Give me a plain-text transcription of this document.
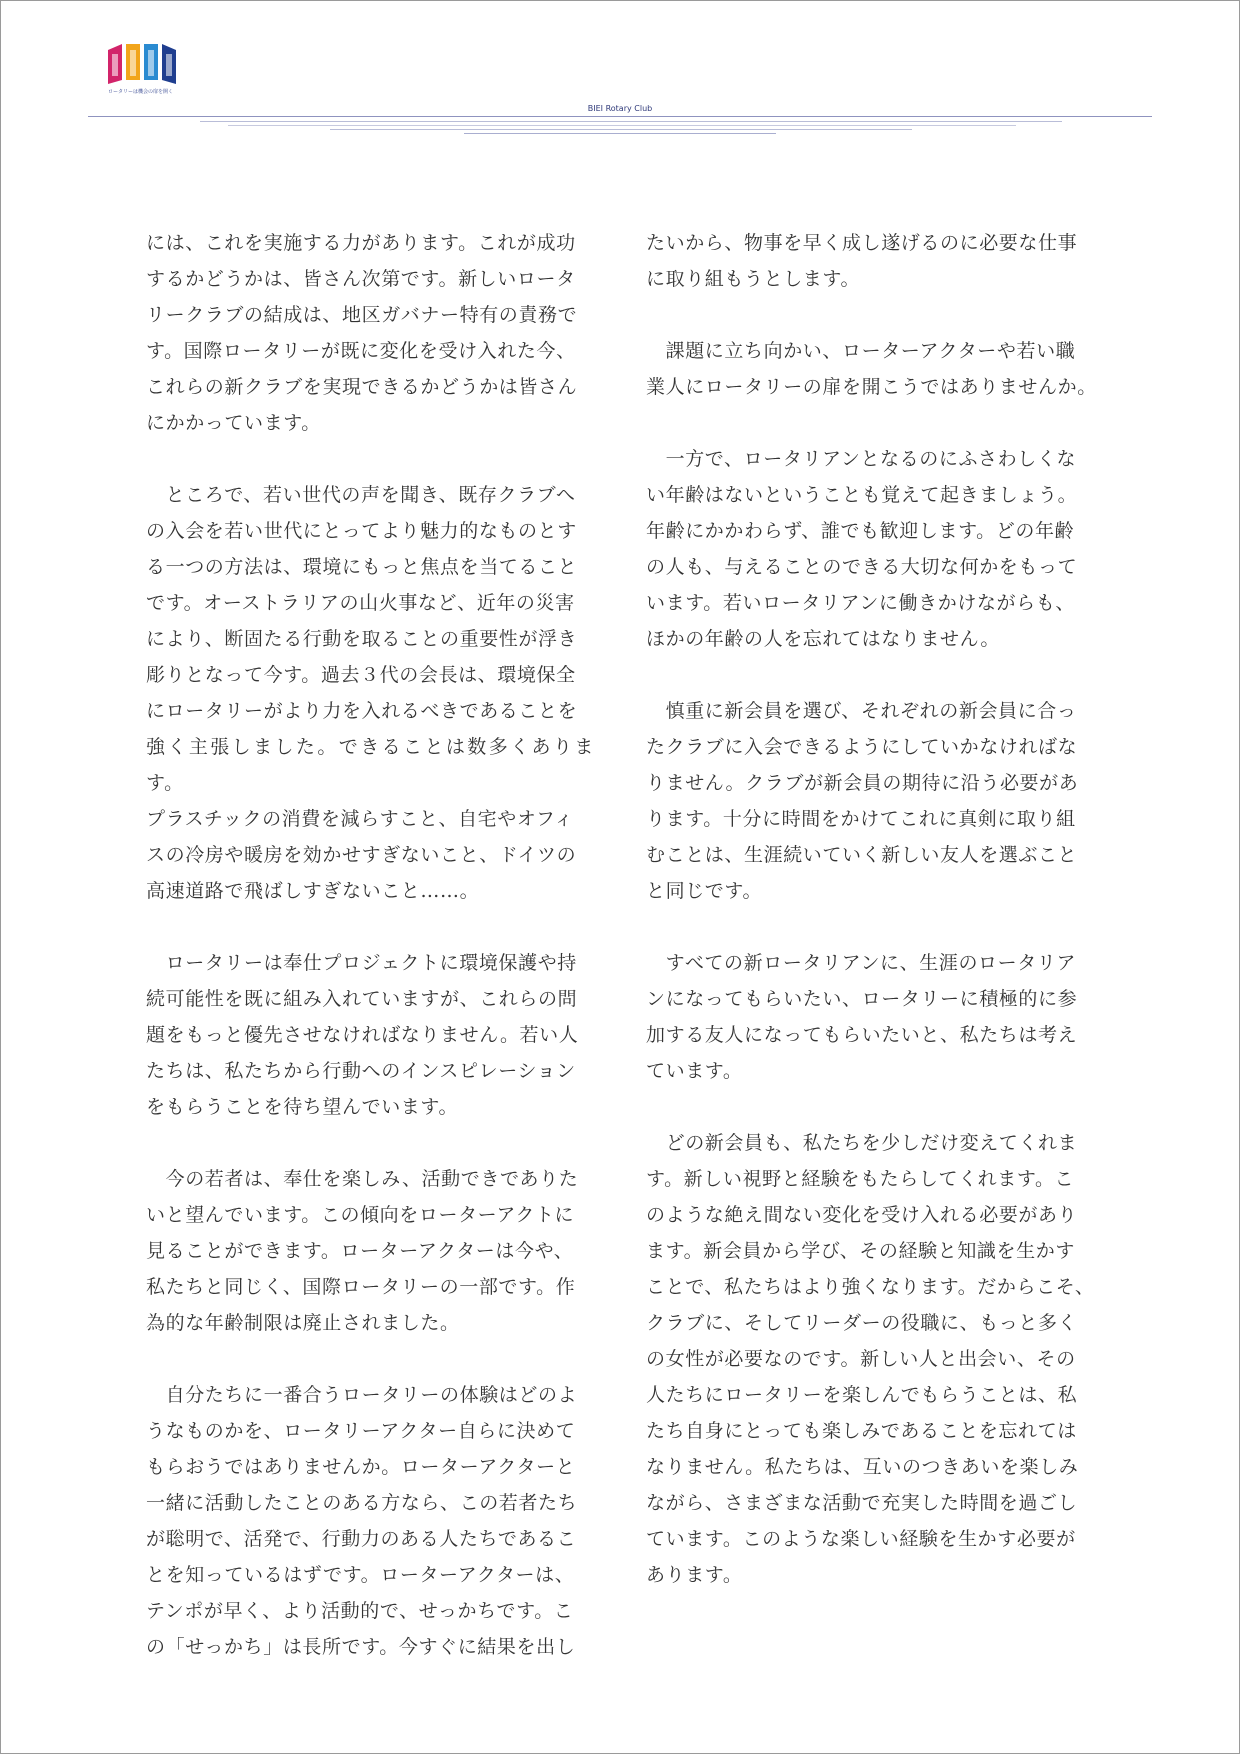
ロータリーは機会の扉を開く
BIEI Rotary Club

には、これを実施する力があります。これが成功
するかどうかは、皆さん次第です。新しいロータ
リークラブの結成は、地区ガバナー特有の責務で
す。国際ロータリーが既に変化を受け入れた今、
これらの新クラブを実現できるかどうかは皆さん
にかかっています。

　ところで、若い世代の声を聞き、既存クラブへ
の入会を若い世代にとってより魅力的なものとす
る一つの方法は、環境にもっと焦点を当てること
です。オーストラリアの山火事など、近年の災害
により、断固たる行動を取ることの重要性が浮き
彫りとなって今す。過去３代の会長は、環境保全
にロータリーがより力を入れるべきであることを
強く主張しました。できることは数多くあります。
プラスチックの消費を減らすこと、自宅やオフィ
スの冷房や暖房を効かせすぎないこと、ドイツの
高速道路で飛ばしすぎないこと……。

　ロータリーは奉仕プロジェクトに環境保護や持
続可能性を既に組み入れていますが、これらの問
題をもっと優先させなければなりません。若い人
たちは、私たちから行動へのインスピレーション
をもらうことを待ち望んでいます。

　今の若者は、奉仕を楽しみ、活動できでありた
いと望んでいます。この傾向をローターアクトに
見ることができます。ローターアクターは今や、
私たちと同じく、国際ロータリーの一部です。作
為的な年齢制限は廃止されました。

　自分たちに一番合うロータリーの体験はどのよ
うなものかを、ロータリーアクター自らに決めて
もらおうではありませんか。ローターアクターと
一緒に活動したことのある方なら、この若者たち
が聡明で、活発で、行動力のある人たちであるこ
とを知っているはずです。ローターアクターは、
テンポが早く、より活動的で、せっかちです。こ
の「せっかち」は長所です。今すぐに結果を出し

たいから、物事を早く成し遂げるのに必要な仕事
に取り組もうとします。

　課題に立ち向かい、ローターアクターや若い職
業人にロータリーの扉を開こうではありませんか。

　一方で、ロータリアンとなるのにふさわしくな
い年齢はないということも覚えて起きましょう。
年齢にかかわらず、誰でも歓迎します。どの年齢
の人も、与えることのできる大切な何かをもって
います。若いロータリアンに働きかけながらも、
ほかの年齢の人を忘れてはなりません。

　慎重に新会員を選び、それぞれの新会員に合っ
たクラブに入会できるようにしていかなければな
りません。クラブが新会員の期待に沿う必要があ
ります。十分に時間をかけてこれに真剣に取り組
むことは、生涯続いていく新しい友人を選ぶこと
と同じです。

　すべての新ロータリアンに、生涯のロータリア
ンになってもらいたい、ロータリーに積極的に参
加する友人になってもらいたいと、私たちは考え
ています。

　どの新会員も、私たちを少しだけ変えてくれま
す。新しい視野と経験をもたらしてくれます。こ
のような絶え間ない変化を受け入れる必要があり
ます。新会員から学び、その経験と知識を生かす
ことで、私たちはより強くなります。だからこそ、
クラブに、そしてリーダーの役職に、もっと多く
の女性が必要なのです。新しい人と出会い、その
人たちにロータリーを楽しんでもらうことは、私
たち自身にとっても楽しみであることを忘れては
なりません。私たちは、互いのつきあいを楽しみ
ながら、さまざまな活動で充実した時間を過ごし
ています。このような楽しい経験を生かす必要が
あります。
